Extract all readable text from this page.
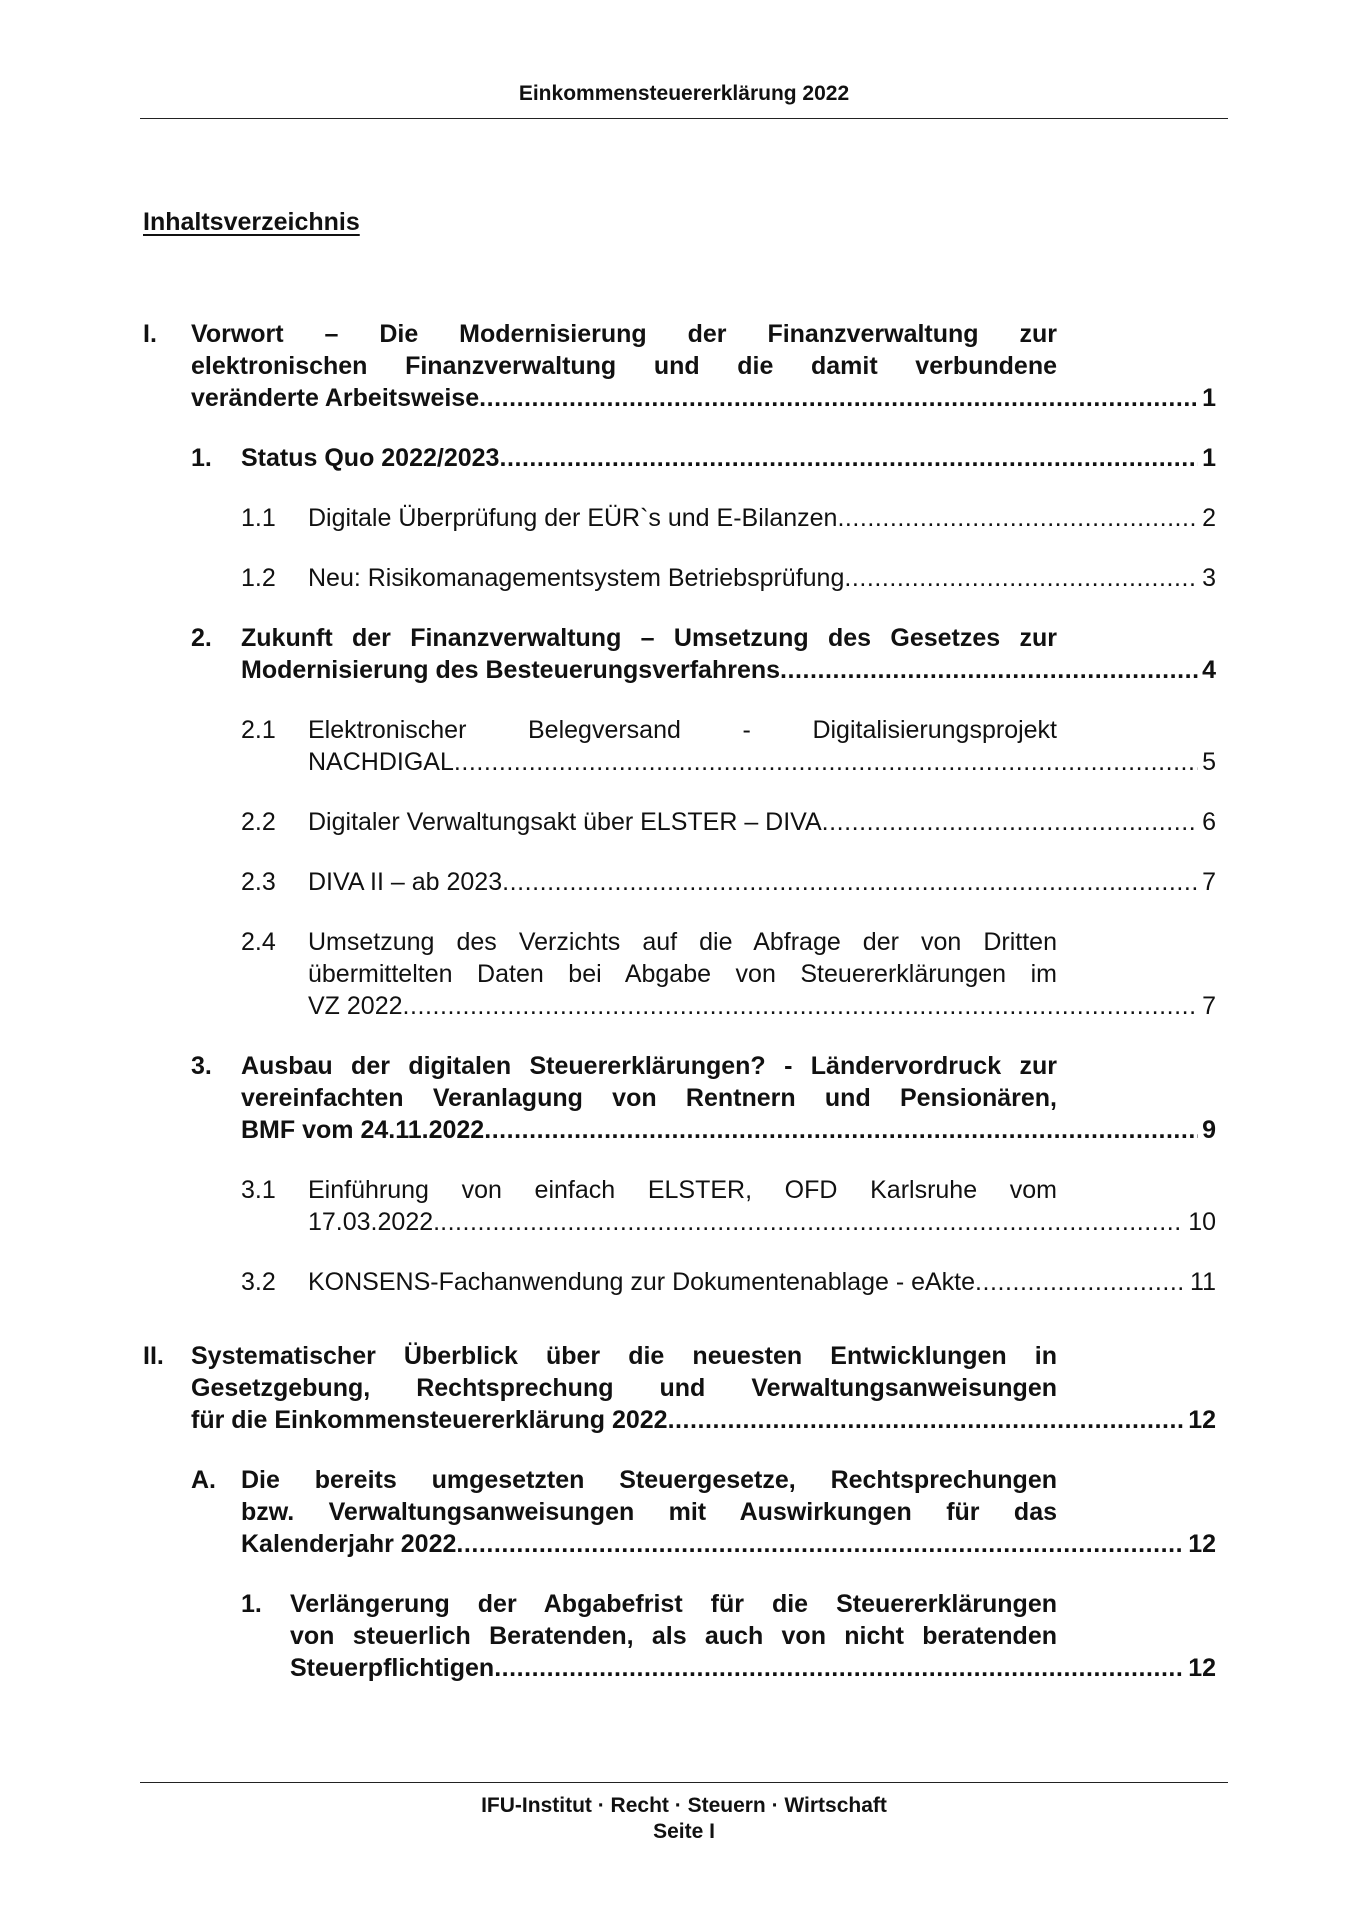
Einkommensteuererklärung 2022
Inhaltsverzeichnis
I. Vorwort – Die Modernisierung der Finanzverwaltung zur
elektronischen Finanzverwaltung und die damit verbundene
veränderte Arbeitsweise . . .	1
1. Status Quo 2022/2023 . . .	1
1.1 Digitale Überprüfung der EÜR`s und E-Bilanzen . . .	2
1.2 Neu: Risikomanagementsystem Betriebsprüfung . . .	3
2. Zukunft der Finanzverwaltung – Umsetzung des Gesetzes zur
Modernisierung des Besteuerungsverfahrens . . .	4
2.1 Elektronischer Belegversand - Digitalisierungsprojekt
NACHDIGAL . . .	5
2.2 Digitaler Verwaltungsakt über ELSTER – DIVA . . .	6
2.3 DIVA II – ab 2023 . . .	7
2.4 Umsetzung des Verzichts auf die Abfrage der von Dritten
übermittelten Daten bei Abgabe von Steuererklärungen im
VZ 2022 . . .	7
3. Ausbau der digitalen Steuererklärungen? - Ländervordruck zur
vereinfachten Veranlagung von Rentnern und Pensionären,
BMF vom 24.11.2022 . . .	9
3.1 Einführung von einfach ELSTER, OFD Karlsruhe vom
17.03.2022. . . .	10
3.2 KONSENS-Fachanwendung zur Dokumentenablage - eAkte . . .	11
II. Systematischer Überblick über die neuesten Entwicklungen in
Gesetzgebung, Rechtsprechung und Verwaltungsanweisungen
für die Einkommensteuererklärung 2022 . . .	12
A. Die bereits umgesetzten Steuergesetze, Rechtsprechungen
bzw. Verwaltungsanweisungen mit Auswirkungen für das
Kalenderjahr 2022 . . .	12
1. Verlängerung der Abgabefrist für die Steuererklärungen
von steuerlich Beratenden, als auch von nicht beratenden
Steuerpflichtigen . . .	12
IFU-Institut · Recht · Steuern · Wirtschaft
Seite I
